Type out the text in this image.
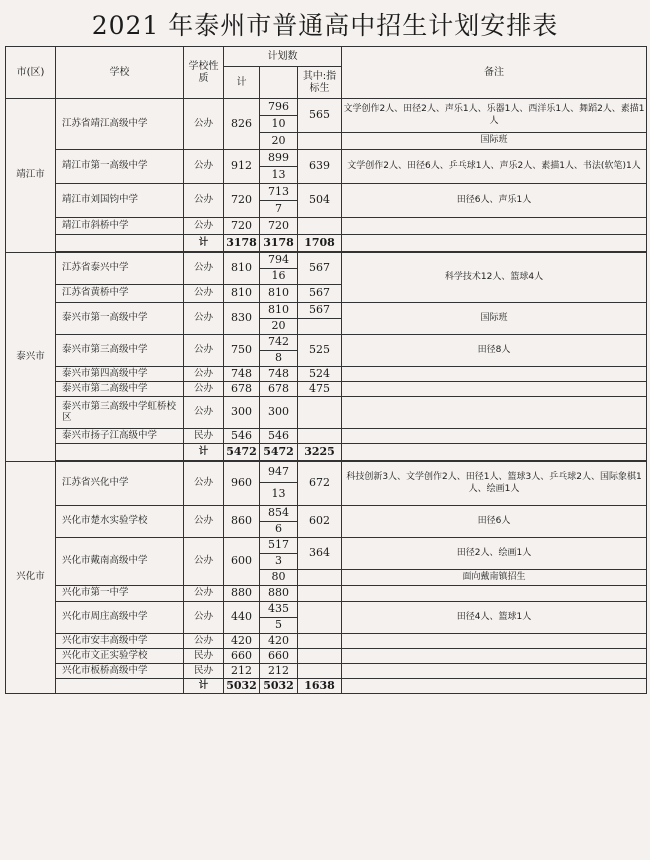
2021 年泰州市普通高中招生计划安排表
市(区)	学校	学校性质	计划数			备注
			计		其中:指标生	
靖江市	江苏省靖江高级中学	公办	826	796	565	文学创作2人、田径2人、声乐1人、乐器1人、西洋乐1人、舞蹈2人、素描1人
				10		
				20		国际班
	靖江市第一高级中学	公办	912	899	639	文学创作2人、田径6人、乒乓球1人、声乐2人、素描1人、书法(软笔)1人
				13		
	靖江市刘国钧中学	公办	720	713	504	田径6人、声乐1人
				7		
	靖江市斜桥中学	公办	720	720		
		计	3178	3178	1708	

泰兴市	江苏省泰兴中学	公办	810	794	567	科学技术12人、篮球4人
				16		
	江苏省黄桥中学	公办	810	810	567	
	泰兴市第一高级中学	公办	830	810	567	国际班
				20		
	泰兴市第三高级中学	公办	750	742	525	田径8人
				8		
	泰兴市第四高级中学	公办	748	748	524	
	泰兴市第二高级中学	公办	678	678	475	
	泰兴市第三高级中学虹桥校区	公办	300	300		
	泰兴市扬子江高级中学	民办	546	546		
		计	5472	5472	3225	

兴化市	江苏省兴化中学	公办	960	947	672	科技创新3人、文学创作2人、田径1人、篮球3人、乒乓球2人、国际象棋1人、绘画1人
				13		
	兴化市楚水实验学校	公办	860	854	602	田径6人
				6		
	兴化市戴南高级中学	公办	600	517	364	田径2人、绘画1人
				3		
				80		面向戴南镇招生
	兴化市第一中学	公办	880	880		
	兴化市周庄高级中学	公办	440	435		田径4人、篮球1人
				5		
	兴化市安丰高级中学	公办	420	420		
	兴化市文正实验学校	民办	660	660		
	兴化市板桥高级中学	民办	212	212		
		计	5032	5032	1638	
